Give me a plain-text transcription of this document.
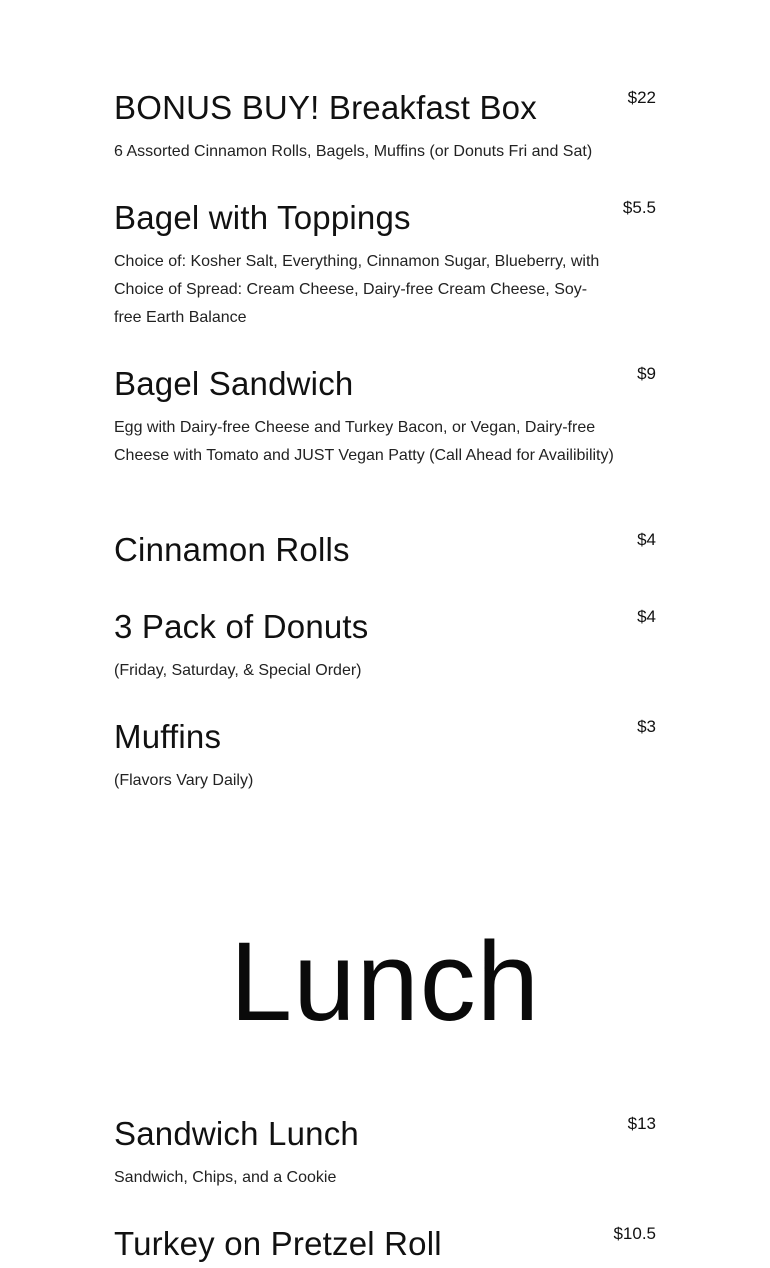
BONUS BUY! Breakfast Box	$22

6 Assorted Cinnamon Rolls, Bagels, Muffins (or Donuts Fri and Sat)

Bagel with Toppings	$5.5

Choice of: Kosher Salt, Everything, Cinnamon Sugar, Blueberry, with Choice of Spread: Cream Cheese, Dairy-free Cream Cheese, Soy-free Earth Balance

Bagel Sandwich	$9

Egg with Dairy-free Cheese and Turkey Bacon, or Vegan, Dairy-free Cheese with Tomato and JUST Vegan Patty (Call Ahead for Availibility)

Cinnamon Rolls	$4
3 Pack of Donuts	$4

(Friday, Saturday, & Special Order)

Muffins	$3

(Flavors Vary Daily)

Lunch
Sandwich Lunch	$13

Sandwich, Chips, and a Cookie

Turkey on Pretzel Roll	$10.5
